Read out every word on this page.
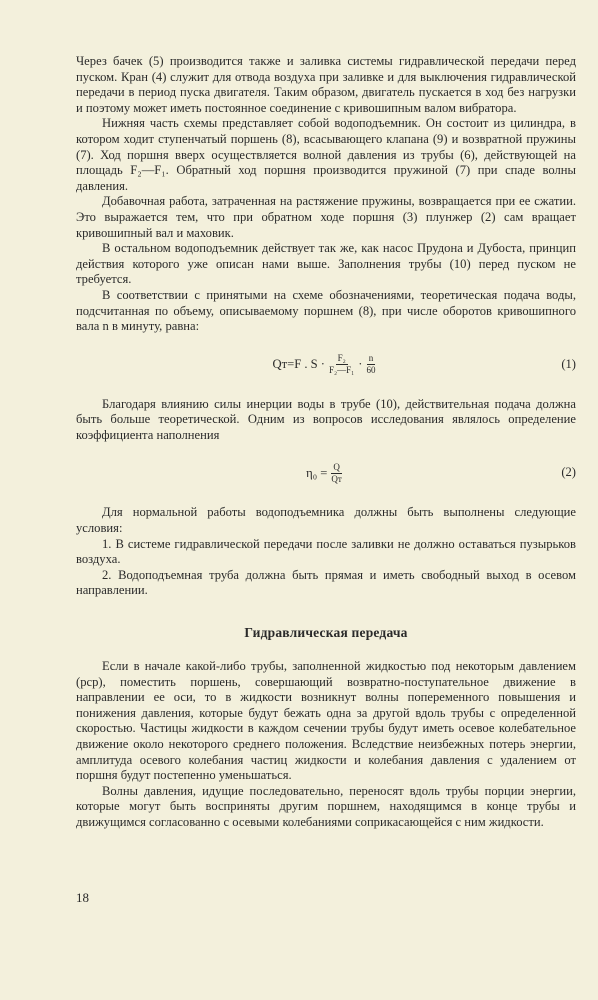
Через бачек (5) производится также и заливка системы гидравлической передачи перед пуском. Кран (4) служит для отвода воздуха при заливке и для выключения гидравлической передачи в период пуска двигателя. Таким образом, двигатель пускается в ход без нагрузки и поэтому может иметь постоянное соединение с кривошипным валом вибратора.

Нижняя часть схемы представляет собой водоподъемник. Он состоит из цилиндра, в котором ходит ступенчатый поршень (8), всасывающего клапана (9) и возвратной пружины (7). Ход поршня вверх осуществляется волной давления из трубы (6), действующей на площадь F₂—F₁. Обратный ход поршня производится пружиной (7) при спаде волны давления.

Добавочная работа, затраченная на растяжение пружины, возвращается при ее сжатии. Это выражается тем, что при обратном ходе поршня (3) плунжер (2) сам вращает кривошипный вал и маховик.

В остальном водоподъемник действует так же, как насос Прудона и Дубоста, принцип действия которого уже описан нами выше. Заполнения трубы (10) перед пуском не требуется.

В соответствии с принятыми на схеме обозначениями, теоретическая подача воды, подсчитанная по объему, описываемому поршнем (8), при числе оборотов кривошипного вала n в минуту, равна:

Qт=F . $S \cdot \frac{\text{F₂}}{\text{F₂—F₁}} \cdot \frac{n}{60}$	(1)

Благодаря влиянию силы инерции воды в трубе (10), действительная подача должна быть больше теоретической. Одним из вопросов исследования являлось определение коэффициента наполнения

$\eta_0 = \frac{Q}{Qт}$	(2)

Для нормальной работы водоподъемника должны быть выполнены следующие условия:

1. В системе гидравлической передачи после заливки не должно оставаться пузырьков воздуха.

2. Водоподъемная труба должна быть прямая и иметь свободный выход в осевом направлении.

Гидравлическая передача

Если в начале какой-либо трубы, заполненной жидкостью под некоторым давлением (pср), поместить поршень, совершающий возвратно-поступательное движение в направлении ее оси, то в жидкости возникнут волны попеременного повышения и понижения давления, которые будут бежать одна за другой вдоль трубы с определенной скоростью. Частицы жидкости в каждом сечении трубы будут иметь осевое колебательное движение около некоторого среднего положения. Вследствие неизбежных потерь энергии, амплитуда осевого колебания частиц жидкости и колебания давления с удалением от поршня будут постепенно уменьшаться.

Волны давления, идущие последовательно, переносят вдоль трубы порции энергии, которые могут быть восприняты другим поршнем, находящимся в конце трубы и движущимся согласованно с осевыми колебаниями соприкасающейся с ним жидкости.

18
